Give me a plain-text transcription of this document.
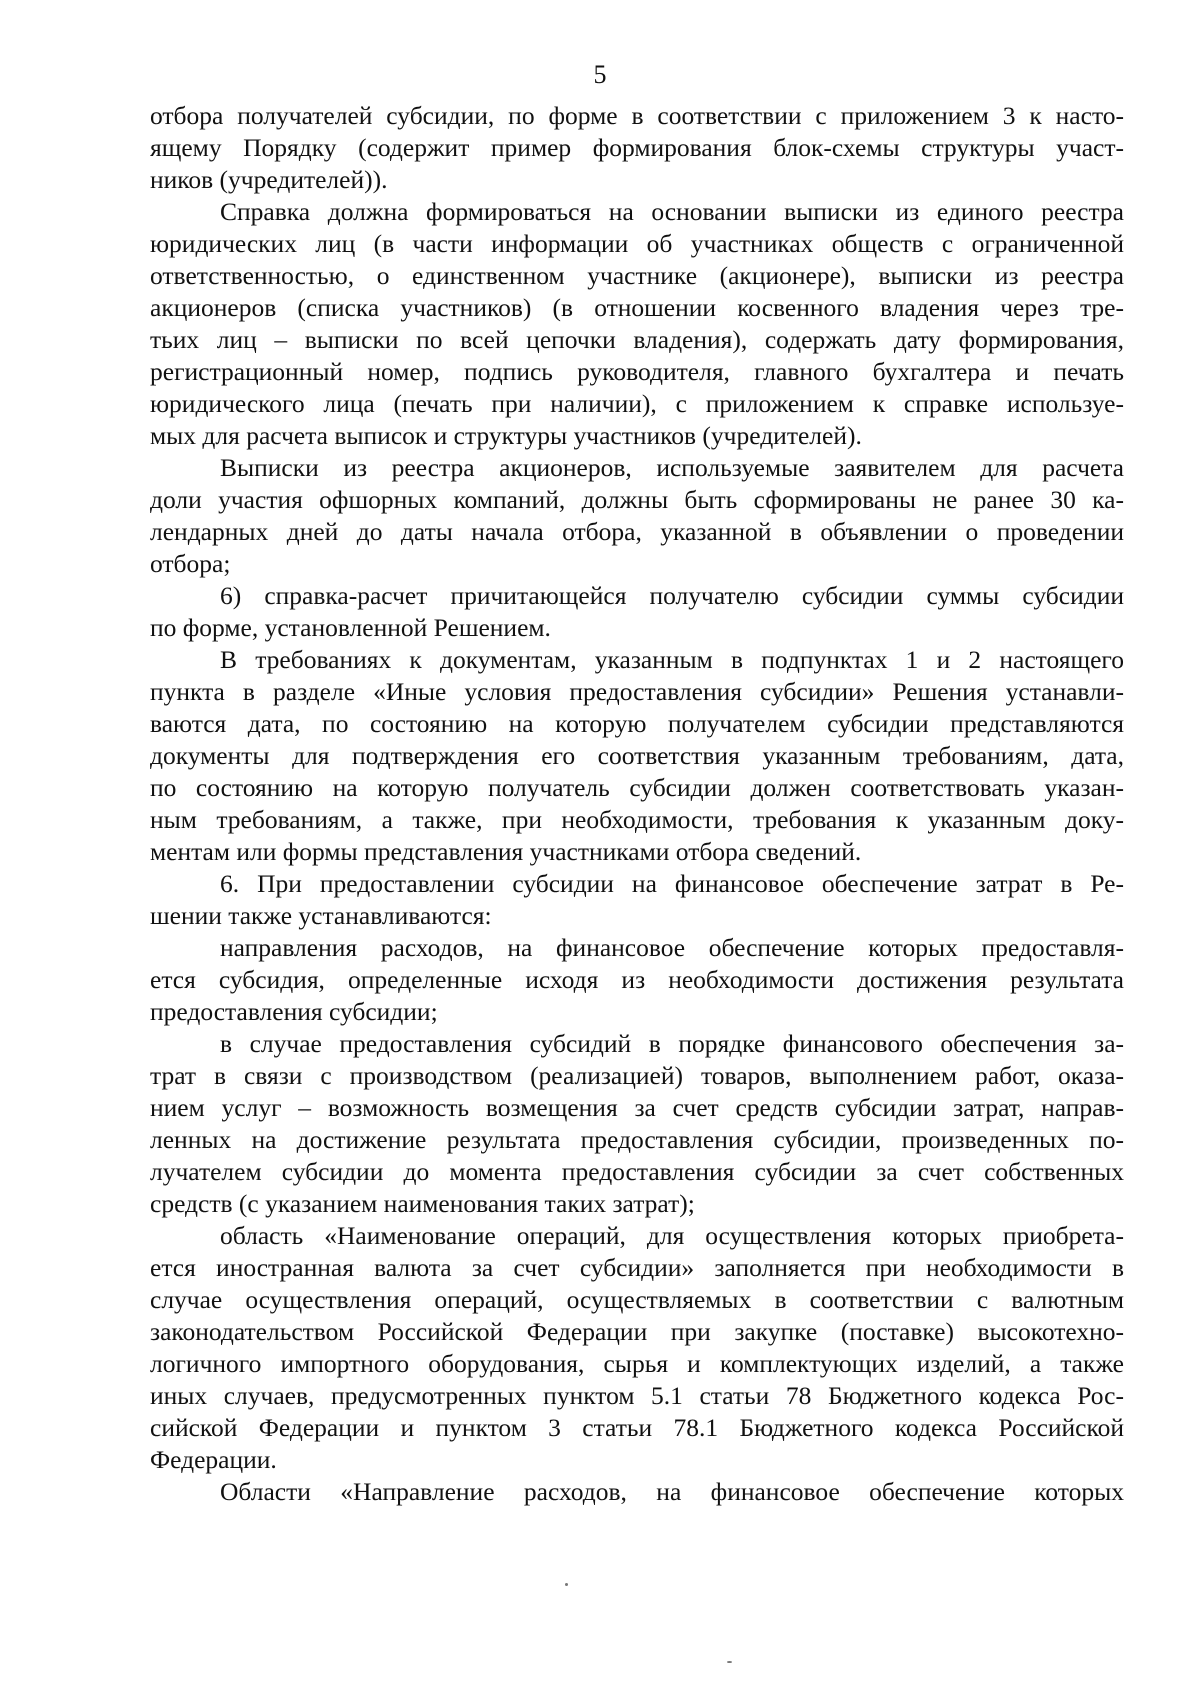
5
отбора получателей субсидии, по форме в соответствии с приложением 3 к насто-
ящему Порядку (содержит пример формирования блок-схемы структуры участ-
ников (учредителей)).
Справка должна формироваться на основании выписки из единого реестра
юридических лиц (в части информации об участниках обществ с ограниченной
ответственностью, о единственном участнике (акционере), выписки из реестра
акционеров (списка участников) (в отношении косвенного владения через тре-
тьих лиц – выписки по всей цепочки владения), содержать дату формирования,
регистрационный номер, подпись руководителя, главного бухгалтера и печать
юридического лица (печать при наличии), с приложением к справке используе-
мых для расчета выписок и структуры участников (учредителей).
Выписки из реестра акционеров, используемые заявителем для расчета
доли участия офшорных компаний, должны быть сформированы не ранее 30 ка-
лендарных дней до даты начала отбора, указанной в объявлении о проведении
отбора;
6) справка-расчет причитающейся получателю субсидии суммы субсидии
по форме, установленной Решением.
В требованиях к документам, указанным в подпунктах 1 и 2 настоящего
пункта в разделе «Иные условия предоставления субсидии» Решения устанавли-
ваются дата, по состоянию на которую получателем субсидии представляются
документы для подтверждения его соответствия указанным требованиям, дата,
по состоянию на которую получатель субсидии должен соответствовать указан-
ным требованиям, а также, при необходимости, требования к указанным доку-
ментам или формы представления участниками отбора сведений.
6. При предоставлении субсидии на финансовое обеспечение затрат в Ре-
шении также устанавливаются:
направления расходов, на финансовое обеспечение которых предоставля-
ется субсидия, определенные исходя из необходимости достижения результата
предоставления субсидии;
в случае предоставления субсидий в порядке финансового обеспечения за-
трат в связи с производством (реализацией) товаров, выполнением работ, оказа-
нием услуг – возможность возмещения за счет средств субсидии затрат, направ-
ленных на достижение результата предоставления субсидии, произведенных по-
лучателем субсидии до момента предоставления субсидии за счет собственных
средств (с указанием наименования таких затрат);
область «Наименование операций, для осуществления которых приобрета-
ется иностранная валюта за счет субсидии» заполняется при необходимости в
случае осуществления операций, осуществляемых в соответствии с валютным
законодательством Российской Федерации при закупке (поставке) высокотехно-
логичного импортного оборудования, сырья и комплектующих изделий, а также
иных случаев, предусмотренных пунктом 5.1 статьи 78 Бюджетного кодекса Рос-
сийской Федерации и пунктом 3 статьи 78.1 Бюджетного кодекса Российской
Федерации.
Области «Направление расходов, на финансовое обеспечение которых
